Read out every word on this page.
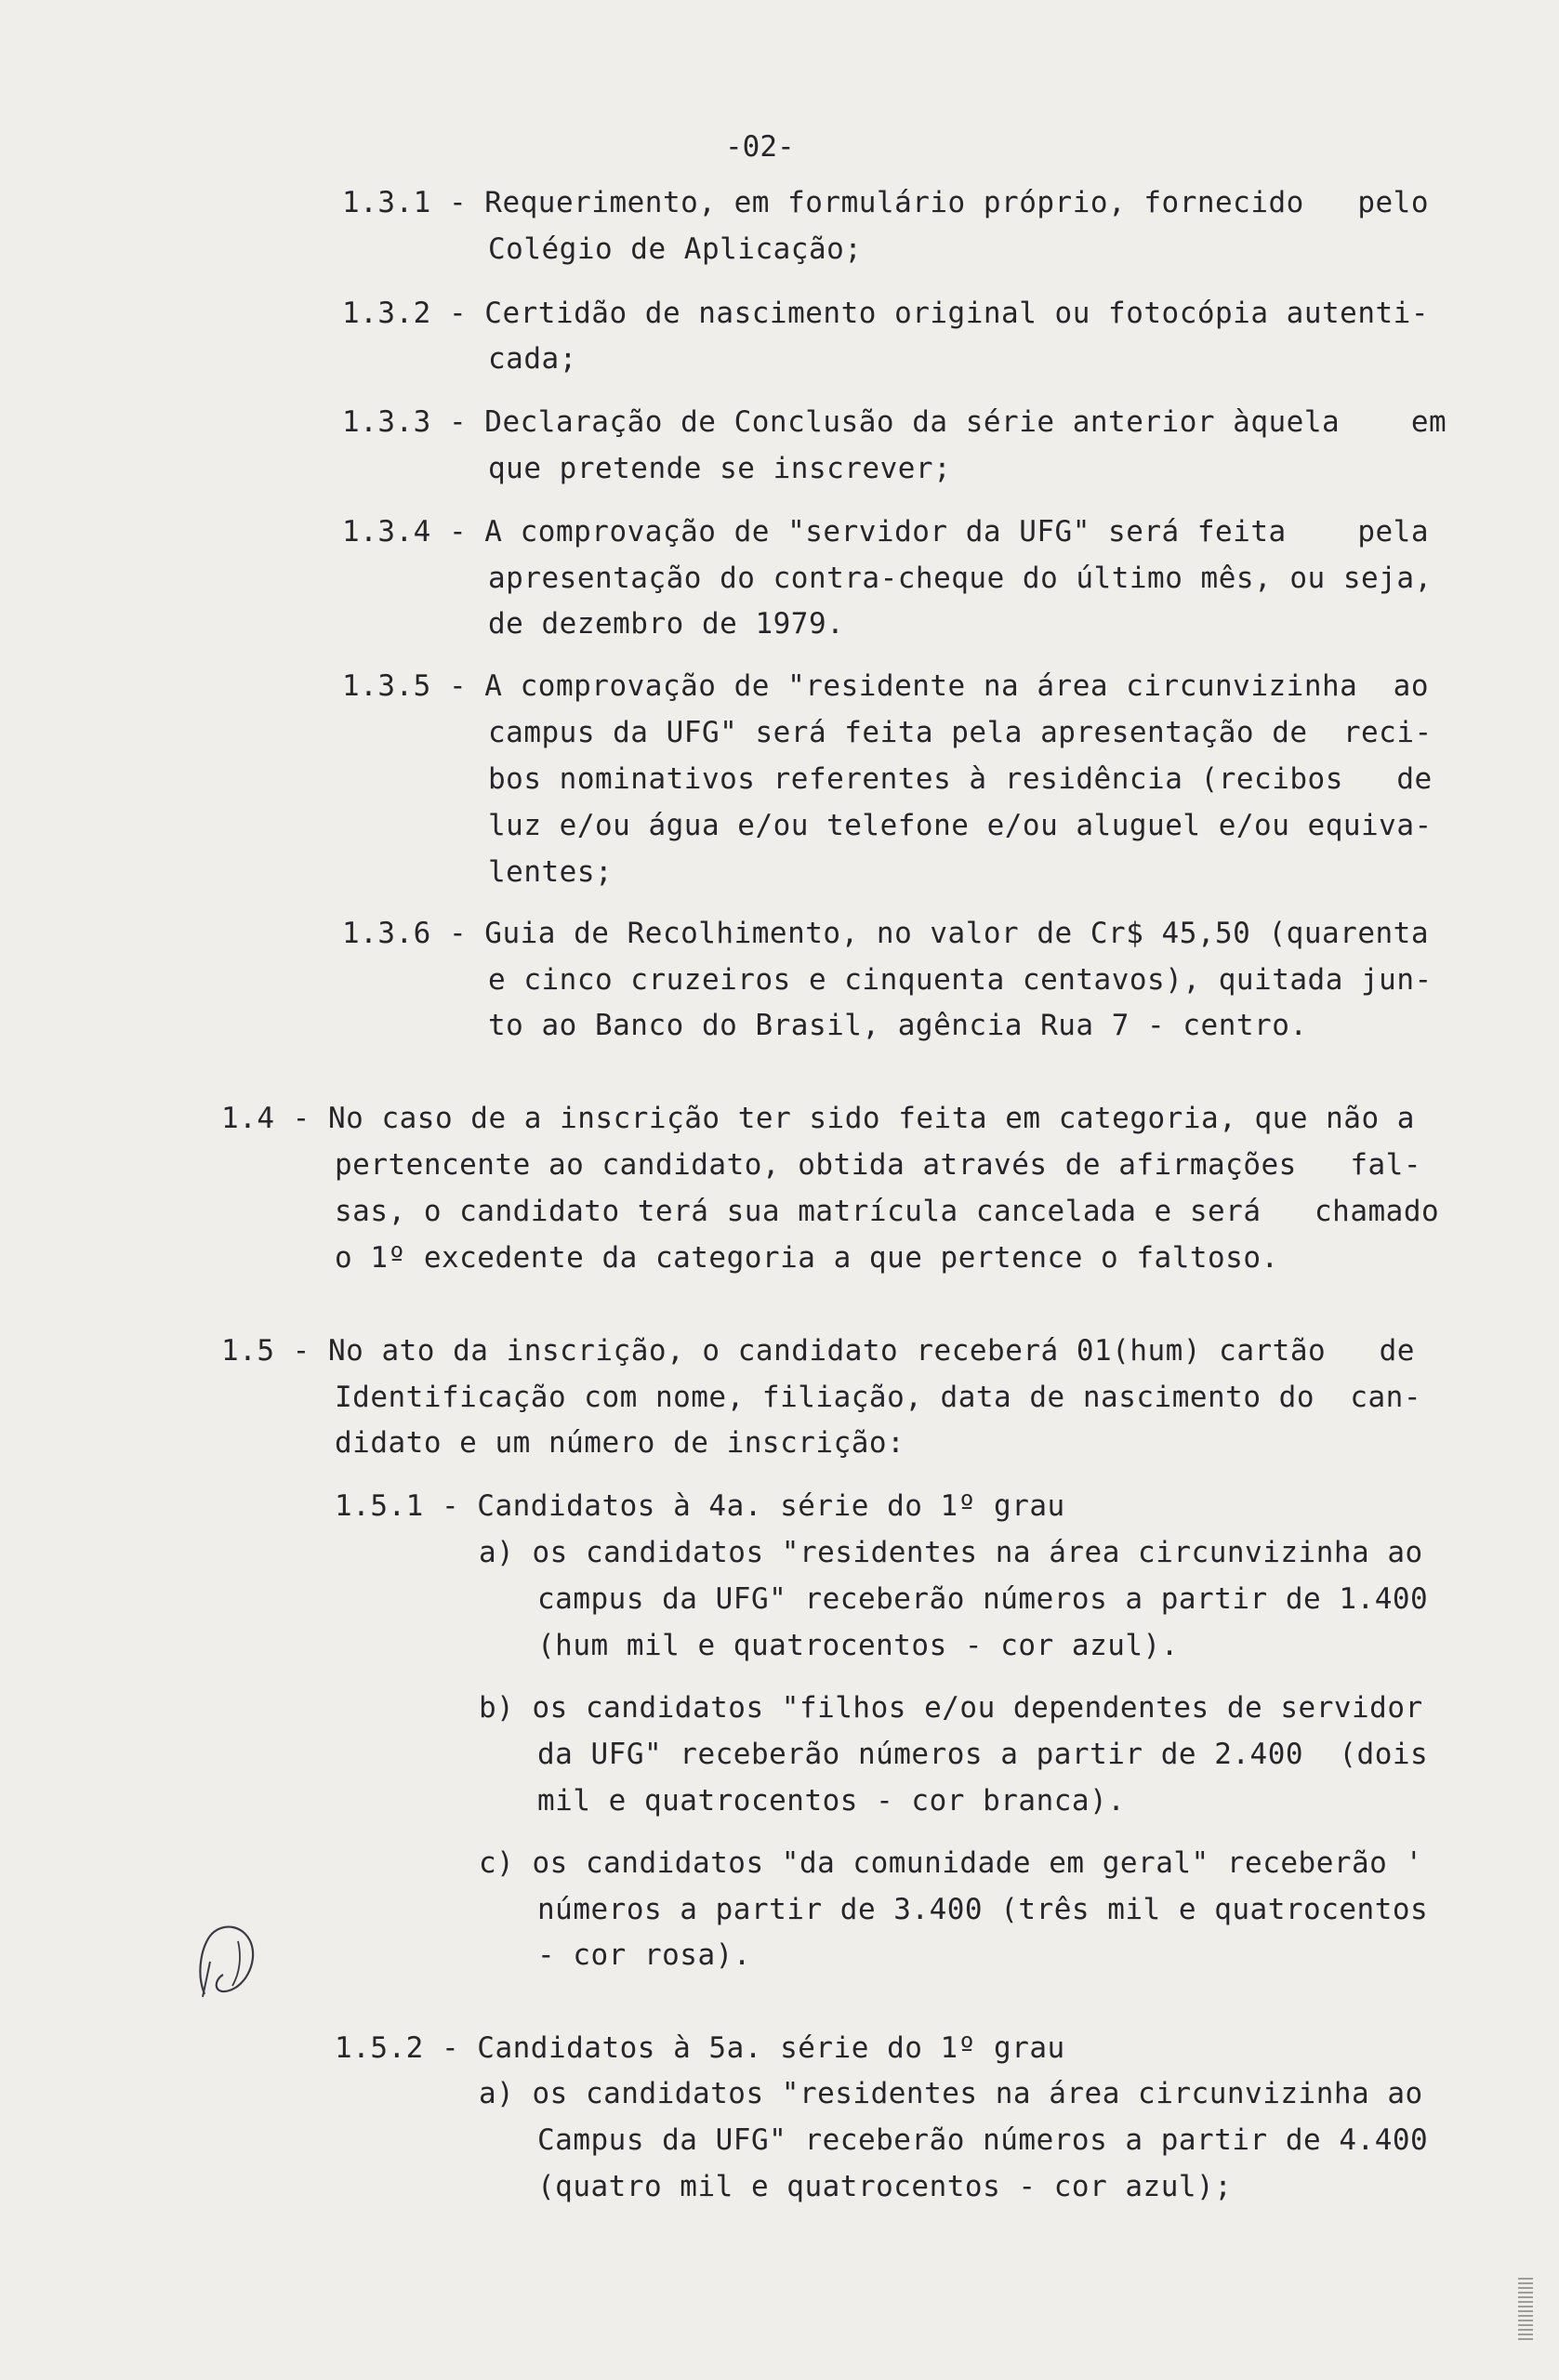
-02-
1.3.1 - Requerimento, em formulário próprio, fornecido   pelo
Colégio de Aplicação;
1.3.2 - Certidão de nascimento original ou fotocópia autenti-
cada;
1.3.3 - Declaração de Conclusão da série anterior àquela    em
que pretende se inscrever;
1.3.4 - A comprovação de "servidor da UFG" será feita    pela
apresentação do contra-cheque do último mês, ou seja,
de dezembro de 1979.
1.3.5 - A comprovação de "residente na área circunvizinha  ao
campus da UFG" será feita pela apresentação de  reci-
bos nominativos referentes à residência (recibos   de
luz e/ou água e/ou telefone e/ou aluguel e/ou equiva-
lentes;
1.3.6 - Guia de Recolhimento, no valor de Cr$ 45,50 (quarenta
e cinco cruzeiros e cinquenta centavos), quitada jun-
to ao Banco do Brasil, agência Rua 7 - centro.
1.4 - No caso de a inscrição ter sido feita em categoria, que não a
pertencente ao candidato, obtida através de afirmações   fal-
sas, o candidato terá sua matrícula cancelada e será   chamado
o 1º excedente da categoria a que pertence o faltoso.
1.5 - No ato da inscrição, o candidato receberá 01(hum) cartão   de
Identificação com nome, filiação, data de nascimento do  can-
didato e um número de inscrição:
1.5.1 - Candidatos à 4a. série do 1º grau
a) os candidatos "residentes na área circunvizinha ao
campus da UFG" receberão números a partir de 1.400
(hum mil e quatrocentos - cor azul).
b) os candidatos "filhos e/ou dependentes de servidor
da UFG" receberão números a partir de 2.400  (dois
mil e quatrocentos - cor branca).
c) os candidatos "da comunidade em geral" receberão '
números a partir de 3.400 (três mil e quatrocentos
- cor rosa).
1.5.2 - Candidatos à 5a. série do 1º grau
a) os candidatos "residentes na área circunvizinha ao
Campus da UFG" receberão números a partir de 4.400
(quatro mil e quatrocentos - cor azul);
